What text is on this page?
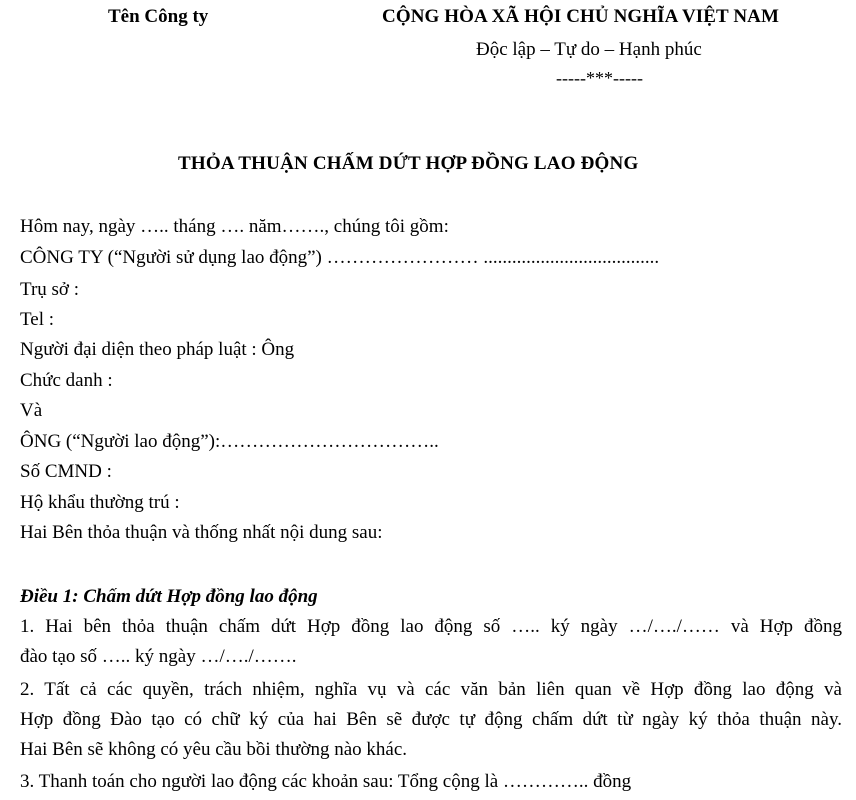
Tên Công ty	CỘNG HÒA XÃ HỘI CHỦ NGHĨA VIỆT NAM
Độc lập – Tự do – Hạnh phúc
-----***-----
THỎA THUẬN CHẤM DỨT HỢP ĐỒNG LAO ĐỘNG
Hôm nay, ngày ….. tháng …. năm……., chúng tôi gồm:
CÔNG TY (“Người sử dụng lao động”) …………………… .....................................
Trụ sở :
Tel :
Người đại diện theo pháp luật : Ông
Chức danh :
Và
ÔNG (“Người lao động”):……………………………..
Số CMND :
Hộ khẩu thường trú :
Hai Bên thỏa thuận và thống nhất nội dung sau:
Điều 1: Chấm dứt Hợp đồng lao động
1. Hai bên thỏa thuận chấm dứt Hợp đồng lao động số ….. ký ngày …/…./…… và Hợp đồng
đào tạo số ….. ký ngày …/…./…….
2. Tất cả các quyền, trách nhiệm, nghĩa vụ và các văn bản liên quan về Hợp đồng lao động và
Hợp đồng Đào tạo có chữ ký của hai Bên sẽ được tự động chấm dứt từ ngày ký thỏa thuận này.
Hai Bên sẽ không có yêu cầu bồi thường nào khác.
3. Thanh toán cho người lao động các khoản sau: Tổng cộng là ………….. đồng
